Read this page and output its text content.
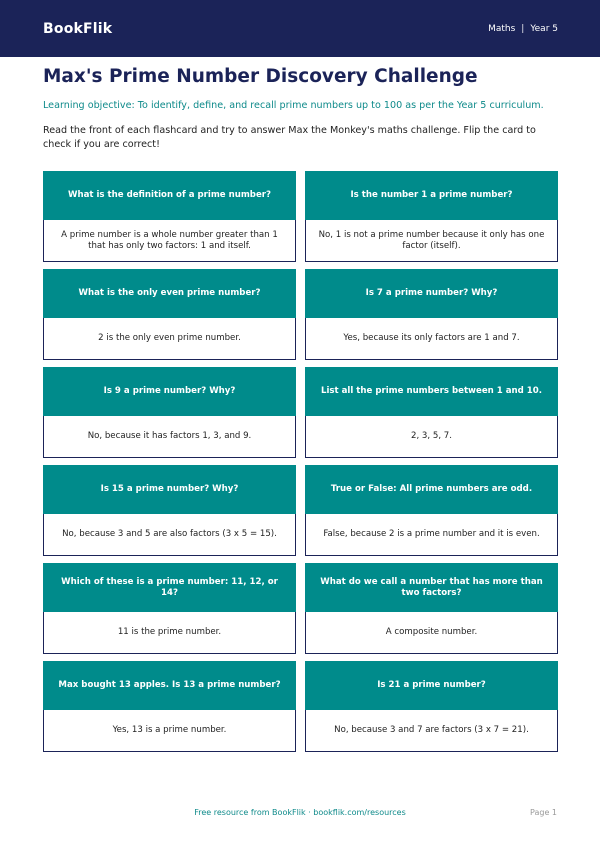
BookFlik	Maths | Year 5
Max's Prime Number Discovery Challenge

Learning objective: To identify, define, and recall prime numbers up to 100 as per the Year 5 curriculum.

Read the front of each flashcard and try to answer Max the Monkey's maths challenge. Flip the card to check if you are correct!

What is the definition of a prime number?
A prime number is a whole number greater than 1 that has only two factors: 1 and itself.
Is the number 1 a prime number?
No, 1 is not a prime number because it only has one factor (itself).
What is the only even prime number?
2 is the only even prime number.
Is 7 a prime number? Why?
Yes, because its only factors are 1 and 7.
Is 9 a prime number? Why?
No, because it has factors 1, 3, and 9.
List all the prime numbers between 1 and 10.
2, 3, 5, 7.
Is 15 a prime number? Why?
No, because 3 and 5 are also factors (3 x 5 = 15).
True or False: All prime numbers are odd.
False, because 2 is a prime number and it is even.
Which of these is a prime number: 11, 12, or 14?
11 is the prime number.
What do we call a number that has more than two factors?
A composite number.
Max bought 13 apples. Is 13 a prime number?
Yes, 13 is a prime number.
Is 21 a prime number?
No, because 3 and 7 are factors (3 x 7 = 21).
Free resource from BookFlik · bookflik.com/resources	Page 1
